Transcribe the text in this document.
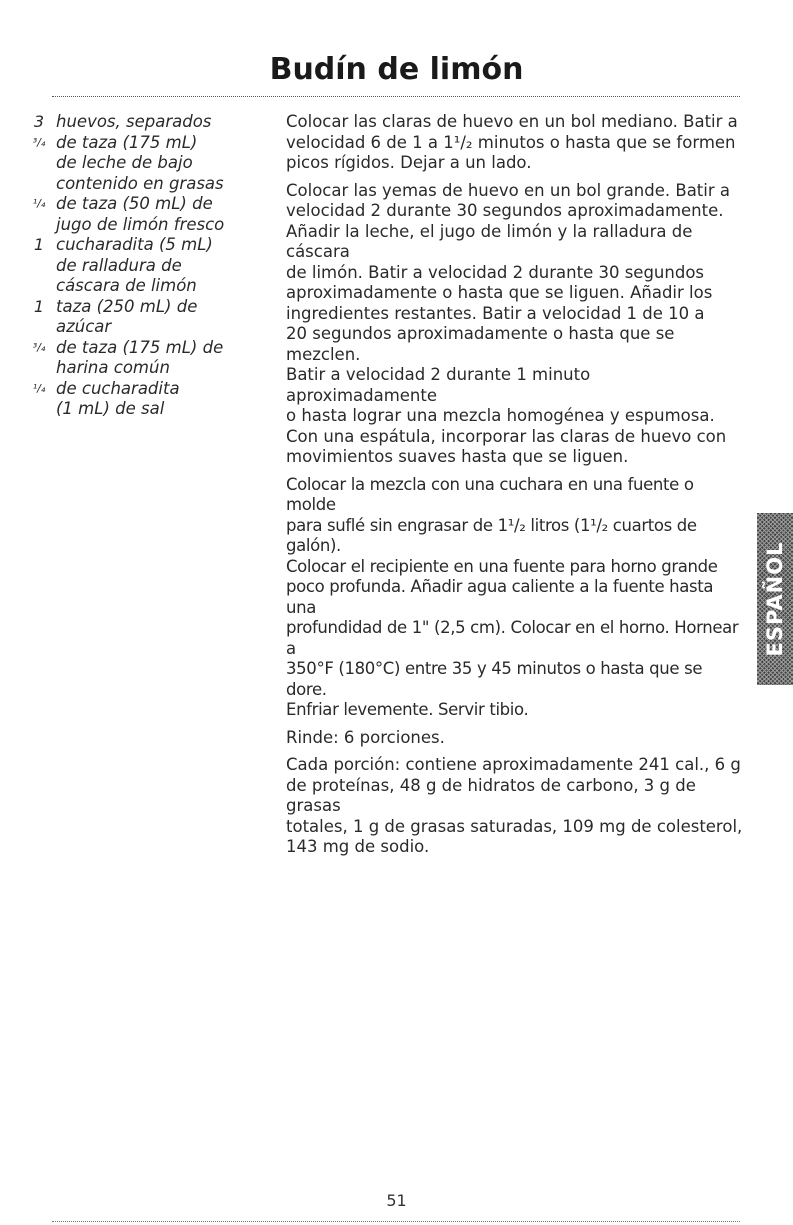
Budín de limón
3 huevos, separados
³/₄ de taza (175 mL)
de leche de bajo
contenido en grasas
¹/₄ de taza (50 mL) de
jugo de limón fresco
1 cucharadita (5 mL)
de ralladura de
cáscara de limón
1 taza (250 mL) de
azúcar
³/₄ de taza (175 mL) de
harina común
¹/₄ de cucharadita
(1 mL) de sal

Colocar las claras de huevo en un bol mediano. Batir a
velocidad 6 de 1 a 1¹/₂ minutos o hasta que se formen
picos rígidos. Dejar a un lado.

Colocar las yemas de huevo en un bol grande. Batir a
velocidad 2 durante 30 segundos aproximadamente.
Añadir la leche, el jugo de limón y la ralladura de cáscara
de limón. Batir a velocidad 2 durante 30 segundos
aproximadamente o hasta que se liguen. Añadir los
ingredientes restantes. Batir a velocidad 1 de 10 a
20 segundos aproximadamente o hasta que se mezclen.
Batir a velocidad 2 durante 1 minuto aproximadamente
o hasta lograr una mezcla homogénea y espumosa.
Con una espátula, incorporar las claras de huevo con
movimientos suaves hasta que se liguen.

Colocar la mezcla con una cuchara en una fuente o molde
para suflé sin engrasar de 1¹/₂ litros (1¹/₂ cuartos de galón).
Colocar el recipiente en una fuente para horno grande
poco profunda. Añadir agua caliente a la fuente hasta una
profundidad de 1" (2,5 cm). Colocar en el horno. Hornear a
350°F (180°C) entre 35 y 45 minutos o hasta que se dore.
Enfriar levemente. Servir tibio.

Rinde: 6 porciones.

Cada porción: contiene aproximadamente 241 cal., 6 g
de proteínas, 48 g de hidratos de carbono, 3 g de grasas
totales, 1 g de grasas saturadas, 109 mg de colesterol,
143 mg de sodio.

ESPAÑOL
51
